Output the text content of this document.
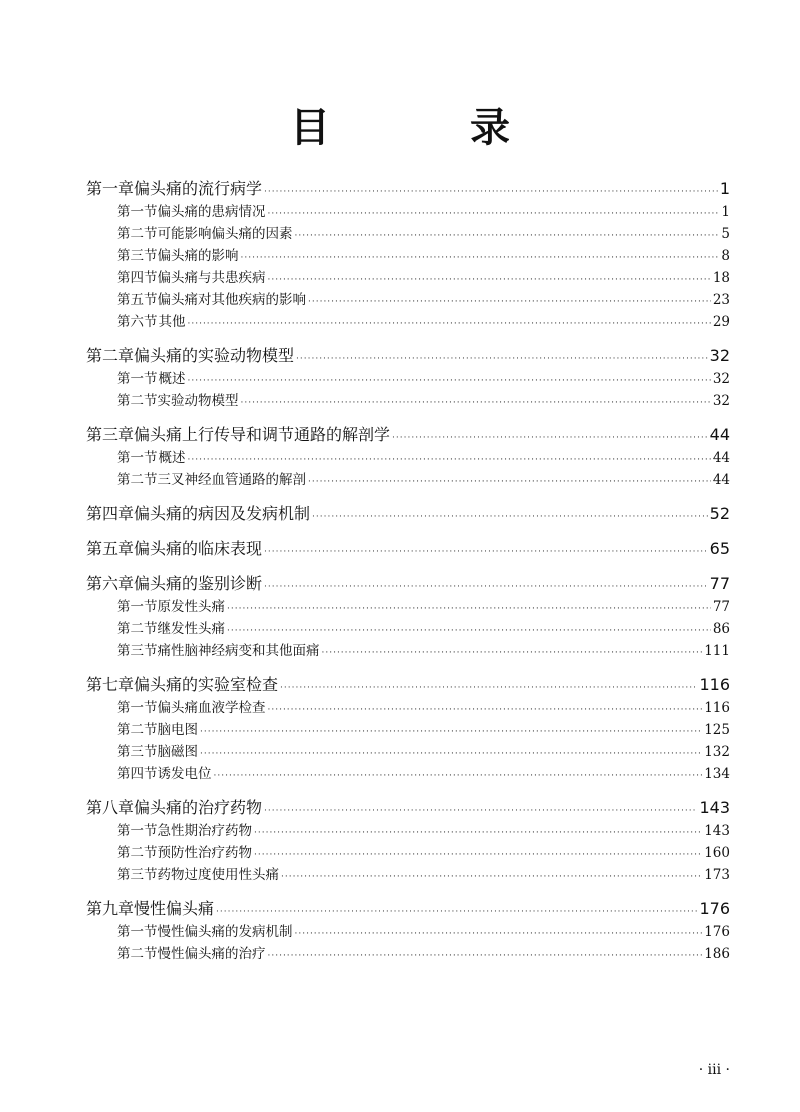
目　录
第一章 偏头痛的流行病学 ·····	1
第一节 偏头痛的患病情况 ·····	1
第二节 可能影响偏头痛的因素 ·····	5
第三节 偏头痛的影响 ·····	8
第四节 偏头痛与共患疾病 ·····	18
第五节 偏头痛对其他疾病的影响 ·····	23
第六节 其他 ·····	29
第二章 偏头痛的实验动物模型 ·····	32
第一节 概述 ·····	32
第二节 实验动物模型 ·····	32
第三章 偏头痛上行传导和调节通路的解剖学 ·····	44
第一节 概述 ·····	44
第二节 三叉神经血管通路的解剖 ·····	44
第四章 偏头痛的病因及发病机制 ·····	52
第五章 偏头痛的临床表现 ·····	65
第六章 偏头痛的鉴别诊断 ·····	77
第一节 原发性头痛 ·····	77
第二节 继发性头痛 ·····	86
第三节 痛性脑神经病变和其他面痛 ·····	111
第七章 偏头痛的实验室检查 ·····	116
第一节 偏头痛血液学检查 ·····	116
第二节 脑电图 ·····	125
第三节 脑磁图 ·····	132
第四节 诱发电位 ·····	134
第八章 偏头痛的治疗药物 ·····	143
第一节 急性期治疗药物 ·····	143
第二节 预防性治疗药物 ·····	160
第三节 药物过度使用性头痛 ·····	173
第九章 慢性偏头痛 ·····	176
第一节 慢性偏头痛的发病机制 ·····	176
第二节 慢性偏头痛的治疗 ·····	186
· iii ·
